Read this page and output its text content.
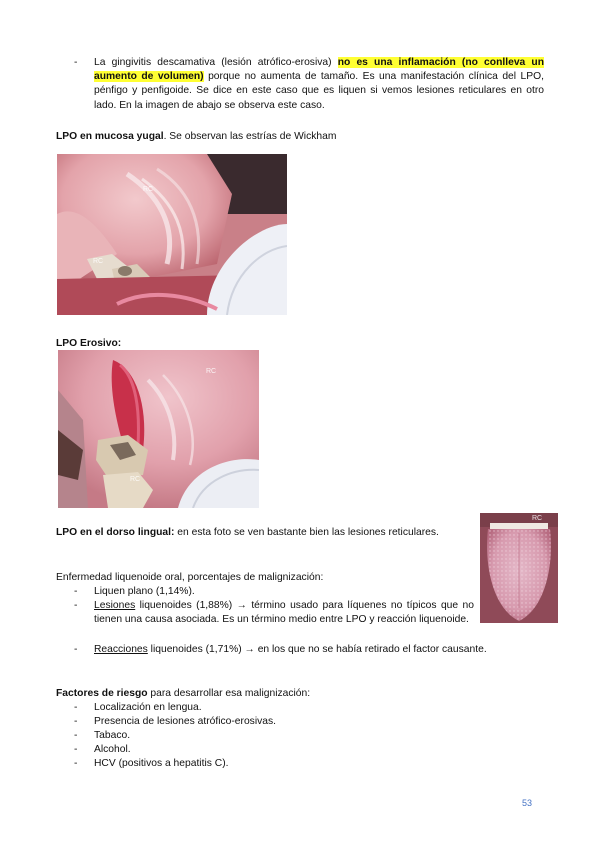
-	La gingivitis descamativa (lesión atrófico-erosiva) no es una inflamación (no conlleva un aumento de volumen) porque no aumenta de tamaño. Es una manifestación clínica del LPO, pénfigo y penfigoide. Se dice en este caso que es liquen si vemos lesiones reticulares en otro lado. En la imagen de abajo se observa este caso.
LPO en mucosa yugal. Se observan las estrías de Wickham
RC
RC
LPO Erosivo:
RC
RC
LPO en el dorso lingual: en esta foto se ven bastante bien las lesiones reticulares.
RC
Enfermedad liquenoide oral, porcentajes de malignización:
-	Liquen plano (1,14%).
-	Lesiones liquenoides (1,88%) → término usado para líquenes no típicos que no tienen una causa asociada. Es un término medio entre LPO y reacción liquenoide.
-	Reacciones liquenoides (1,71%) → en los que no se había retirado el factor causante.
Factores de riesgo para desarrollar esa malignización:
-	Localización en lengua.
-	Presencia de lesiones atrófico-erosivas.
-	Tabaco.
-	Alcohol.
-	HCV (positivos a hepatitis C).
53
